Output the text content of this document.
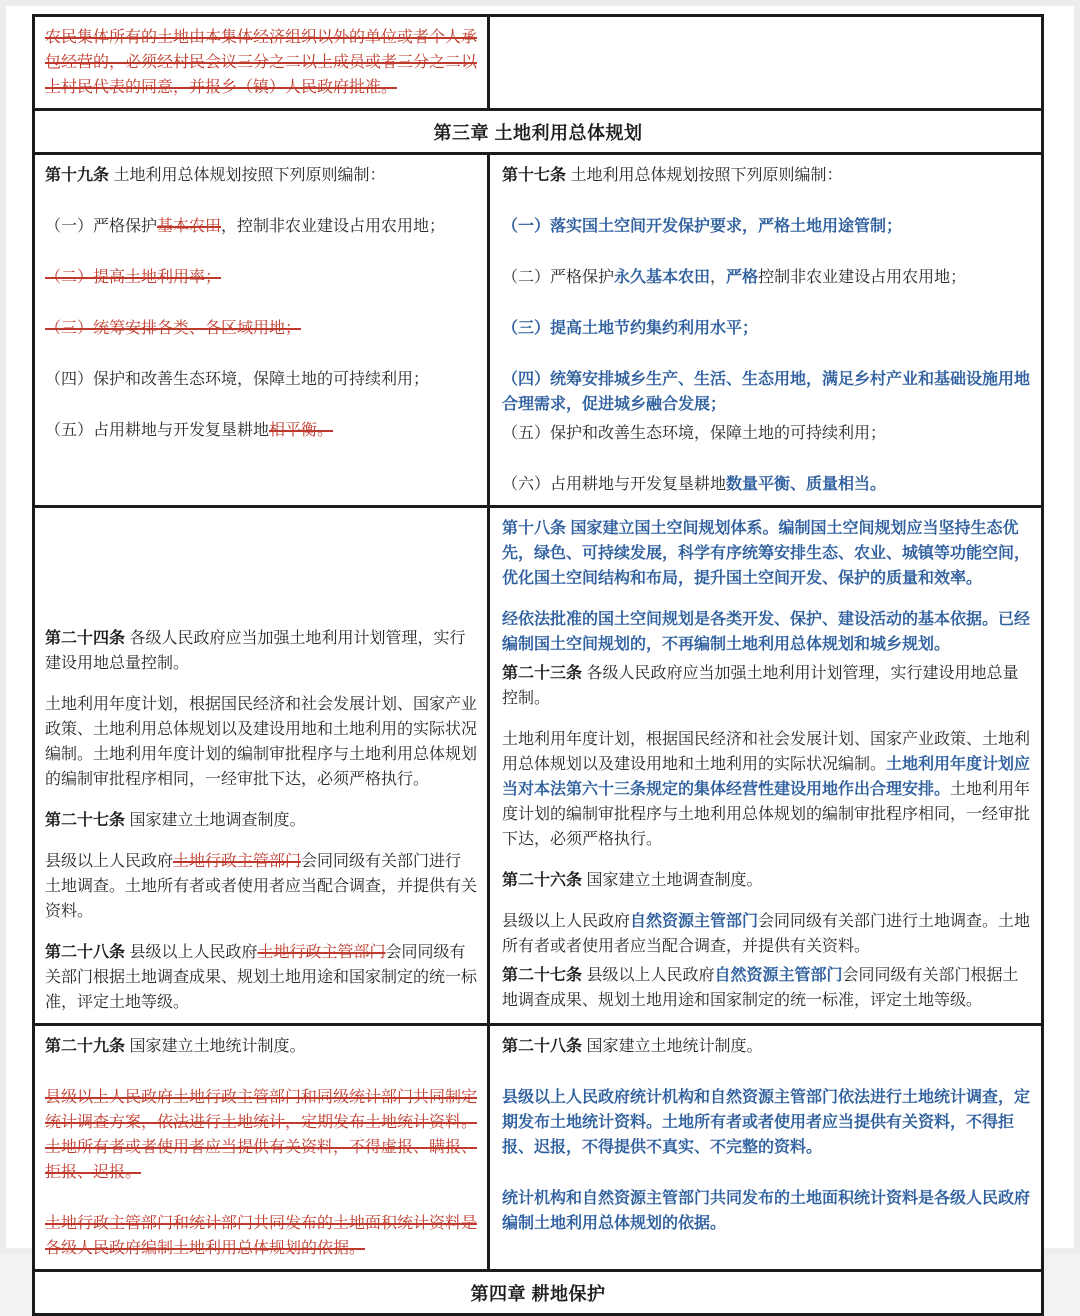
农民集体所有的土地由本集体经济组织以外的单位或者个人承包经营的，必须经村民会议三分之二以上成员或者三分之二以上村民代表的同意，并报乡（镇）人民政府批准。
第三章 土地利用总体规划
第十九条 土地利用总体规划按照下列原则编制：
（一）严格保护基本农田，控制非农业建设占用农用地；
（二）提高土地利用率；
（三）统筹安排各类、各区域用地；
（四）保护和改善生态环境，保障土地的可持续利用；
（五）占用耕地与开发复垦耕地相平衡。
第十七条 土地利用总体规划按照下列原则编制：
（一）落实国土空间开发保护要求，严格土地用途管制；
（二）严格保护永久基本农田，严格控制非农业建设占用农用地；
（三）提高土地节约集约利用水平；
（四）统筹安排城乡生产、生活、生态用地，满足乡村产业和基础设施用地合理需求，促进城乡融合发展；
（五）保护和改善生态环境，保障土地的可持续利用；
（六）占用耕地与开发复垦耕地数量平衡、质量相当。
第二十四条 各级人民政府应当加强土地利用计划管理，实行建设用地总量控制。
土地利用年度计划，根据国民经济和社会发展计划、国家产业政策、土地利用总体规划以及建设用地和土地利用的实际状况编制。土地利用年度计划的编制审批程序与土地利用总体规划的编制审批程序相同，一经审批下达，必须严格执行。
第二十七条 国家建立土地调查制度。
县级以上人民政府土地行政主管部门会同同级有关部门进行土地调查。土地所有者或者使用者应当配合调查，并提供有关资料。
第二十八条 县级以上人民政府土地行政主管部门会同同级有关部门根据土地调查成果、规划土地用途和国家制定的统一标准，评定土地等级。
第十八条 国家建立国土空间规划体系。编制国土空间规划应当坚持生态优先，绿色、可持续发展，科学有序统筹安排生态、农业、城镇等功能空间，优化国土空间结构和布局，提升国土空间开发、保护的质量和效率。
经依法批准的国土空间规划是各类开发、保护、建设活动的基本依据。已经编制国土空间规划的，不再编制土地利用总体规划和城乡规划。
第二十三条 各级人民政府应当加强土地利用计划管理，实行建设用地总量控制。
土地利用年度计划，根据国民经济和社会发展计划、国家产业政策、土地利用总体规划以及建设用地和土地利用的实际状况编制。土地利用年度计划应当对本法第六十三条规定的集体经营性建设用地作出合理安排。土地利用年度计划的编制审批程序与土地利用总体规划的编制审批程序相同，一经审批下达，必须严格执行。
第二十六条 国家建立土地调查制度。
县级以上人民政府自然资源主管部门会同同级有关部门进行土地调查。土地所有者或者使用者应当配合调查，并提供有关资料。
第二十七条 县级以上人民政府自然资源主管部门会同同级有关部门根据土地调查成果、规划土地用途和国家制定的统一标准，评定土地等级。
第二十九条 国家建立土地统计制度。
县级以上人民政府土地行政主管部门和同级统计部门共同制定统计调查方案，依法进行土地统计，定期发布土地统计资料。土地所有者或者使用者应当提供有关资料，不得虚报、瞒报、拒报、迟报。
土地行政主管部门和统计部门共同发布的土地面积统计资料是各级人民政府编制土地利用总体规划的依据。
第二十八条 国家建立土地统计制度。
县级以上人民政府统计机构和自然资源主管部门依法进行土地统计调查，定期发布土地统计资料。土地所有者或者使用者应当提供有关资料，不得拒报、迟报，不得提供不真实、不完整的资料。
统计机构和自然资源主管部门共同发布的土地面积统计资料是各级人民政府编制土地利用总体规划的依据。
第四章 耕地保护
